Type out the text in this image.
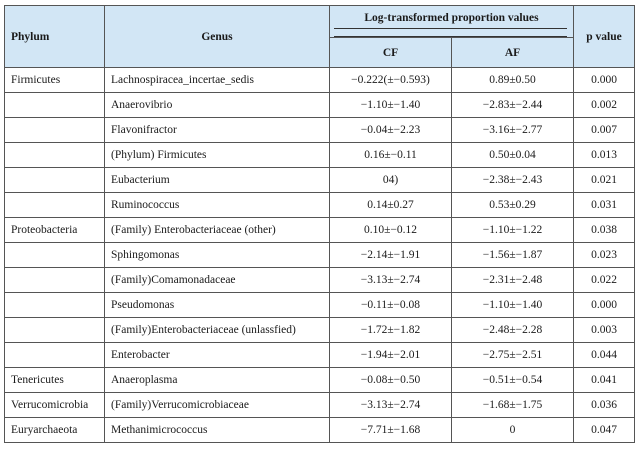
Phylum	Genus	Log-transformed proportion values		p value
		CF	AF	
Firmicutes	Lachnospiracea_incertae_sedis	−0.222(±−0.593)	0.89±0.50	0.000
	Anaerovibrio	−1.10±−1.40	−2.83±−2.44	0.002
	Flavonifractor	−0.04±−2.23	−3.16±−2.77	0.007
	(Phylum) Firmicutes	0.16±−0.11	0.50±0.04	0.013
	Eubacterium	04)	−2.38±−2.43	0.021
	Ruminococcus	0.14±0.27	0.53±0.29	0.031
Proteobacteria	(Family) Enterobacteriaceae (other)	0.10±−0.12	−1.10±−1.22	0.038
	Sphingomonas	−2.14±−1.91	−1.56±−1.87	0.023
	(Family)Comamonadaceae	−3.13±−2.74	−2.31±−2.48	0.022
	Pseudomonas	−0.11±−0.08	−1.10±−1.40	0.000
	(Family)Enterobacteriaceae (unlassfied)	−1.72±−1.82	−2.48±−2.28	0.003
	Enterobacter	−1.94±−2.01	−2.75±−2.51	0.044
Tenericutes	Anaeroplasma	−0.08±−0.50	−0.51±−0.54	0.041
Verrucomicrobia	(Family)Verrucomicrobiaceae	−3.13±−2.74	−1.68±−1.75	0.036
Euryarchaeota	Methanimicrococcus	−7.71±−1.68	0	0.047
